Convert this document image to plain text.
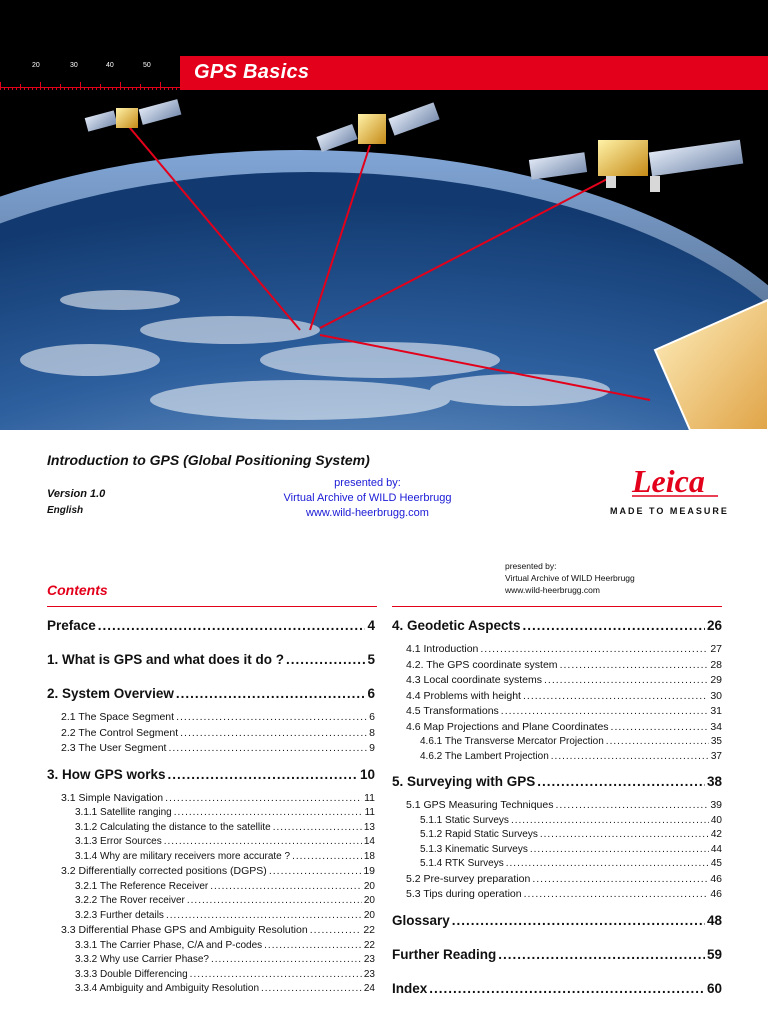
20	30	40	50 GPS Basics
Introduction to GPS (Global Positioning System)
Version 1.0
English
presented by:
Virtual Archive of WILD Heerbrugg
www.wild-heerbrugg.com
Leica
MADE TO MEASURE
presented by:
Virtual Archive of WILD Heerbrugg
www.wild-heerbrugg.com
Contents
Preface .....	4
1. What is GPS and what does it do ? .....	5
2. System Overview .....	6
2.1 The Space Segment .....	6
2.2 The Control Segment .....	8
2.3 The User Segment .....	9
3. How GPS works .....	10
3.1 Simple Navigation .....	11
3.1.1 Satellite ranging .....	11
3.1.2 Calculating the distance to the satellite .....	13
3.1.3 Error Sources .....	14
3.1.4 Why are military receivers more accurate ? .....	18
3.2 Differentially corrected positions (DGPS) .....	19
3.2.1 The Reference Receiver .....	20
3.2.2 The Rover receiver .....	20
3.2.3 Further details .....	20
3.3 Differential Phase GPS and Ambiguity Resolution .....	22
3.3.1 The Carrier Phase, C/A and P-codes .....	22
3.3.2 Why use Carrier Phase? .....	23
3.3.3 Double Differencing .....	23
3.3.4 Ambiguity and Ambiguity Resolution .....	24
4. Geodetic Aspects .....	26
4.1 Introduction .....	27
4.2. The GPS coordinate system .....	28
4.3 Local coordinate systems .....	29
4.4 Problems with height .....	30
4.5 Transformations .....	31
4.6 Map Projections and Plane Coordinates .....	34
4.6.1 The Transverse Mercator Projection .....	35
4.6.2 The Lambert Projection .....	37
5. Surveying with GPS .....	38
5.1 GPS Measuring Techniques .....	39
5.1.1 Static Surveys .....	40
5.1.2 Rapid Static Surveys .....	42
5.1.3 Kinematic Surveys .....	44
5.1.4 RTK Surveys .....	45
5.2 Pre-survey preparation .....	46
5.3 Tips during operation .....	46
Glossary .....	48
Further Reading .....	59
Index .....	60
